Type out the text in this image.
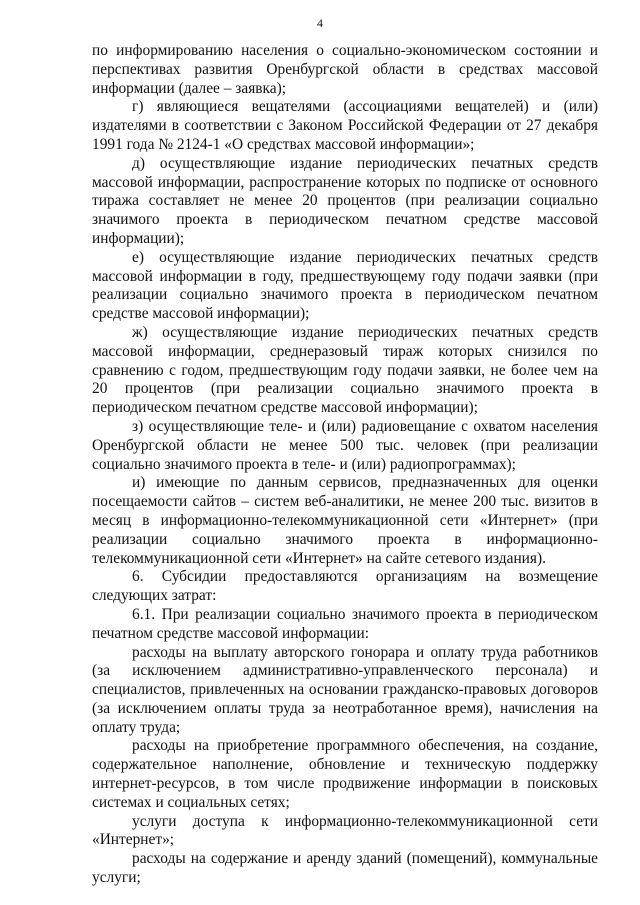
4

по информированию населения о социально-экономическом состоянии и перспективах развития Оренбургской области в средствах массовой информации (далее – заявка);

г) являющиеся вещателями (ассоциациями вещателей) и (или) издателями в соответствии с Законом Российской Федерации от 27 декабря 1991 года № 2124-1 «О средствах массовой информации»;

д) осуществляющие издание периодических печатных средств массовой информации, распространение которых по подписке от основного тиража составляет не менее 20 процентов (при реализации социально значимого проекта в периодическом печатном средстве массовой информации);

е) осуществляющие издание периодических печатных средств массовой информации в году, предшествующему году подачи заявки (при реализации социально значимого проекта в периодическом печатном средстве массовой информации);

ж) осуществляющие издание периодических печатных средств массовой информации, среднеразовый тираж которых снизился по сравнению с годом, предшествующим году подачи заявки, не более чем на 20 процентов (при реализации социально значимого проекта в периодическом печатном средстве массовой информации);

з) осуществляющие теле- и (или) радиовещание с охватом населения Оренбургской области не менее 500 тыс. человек (при реализации социально значимого проекта в теле- и (или) радиопрограммах);

и) имеющие по данным сервисов, предназначенных для оценки посещаемости сайтов – систем веб-аналитики, не менее 200 тыс. визитов в месяц в информационно-телекоммуникационной сети «Интернет» (при реализации социально значимого проекта в информационно-телекоммуникационной сети «Интернет» на сайте сетевого издания).

6. Субсидии предоставляются организациям на возмещение следующих затрат:

6.1. При реализации социально значимого проекта в периодическом печатном средстве массовой информации:

расходы на выплату авторского гонорара и оплату труда работников (за исключением административно-управленческого персонала) и специалистов, привлеченных на основании гражданско-правовых договоров (за исключением оплаты труда за неотработанное время), начисления на оплату труда;

расходы на приобретение программного обеспечения, на создание, содержательное наполнение, обновление и техническую поддержку интернет-ресурсов, в том числе продвижение информации в поисковых системах и социальных сетях;

услуги доступа к информационно-телекоммуникационной сети «Интернет»;

расходы на содержание и аренду зданий (помещений), коммунальные услуги;
